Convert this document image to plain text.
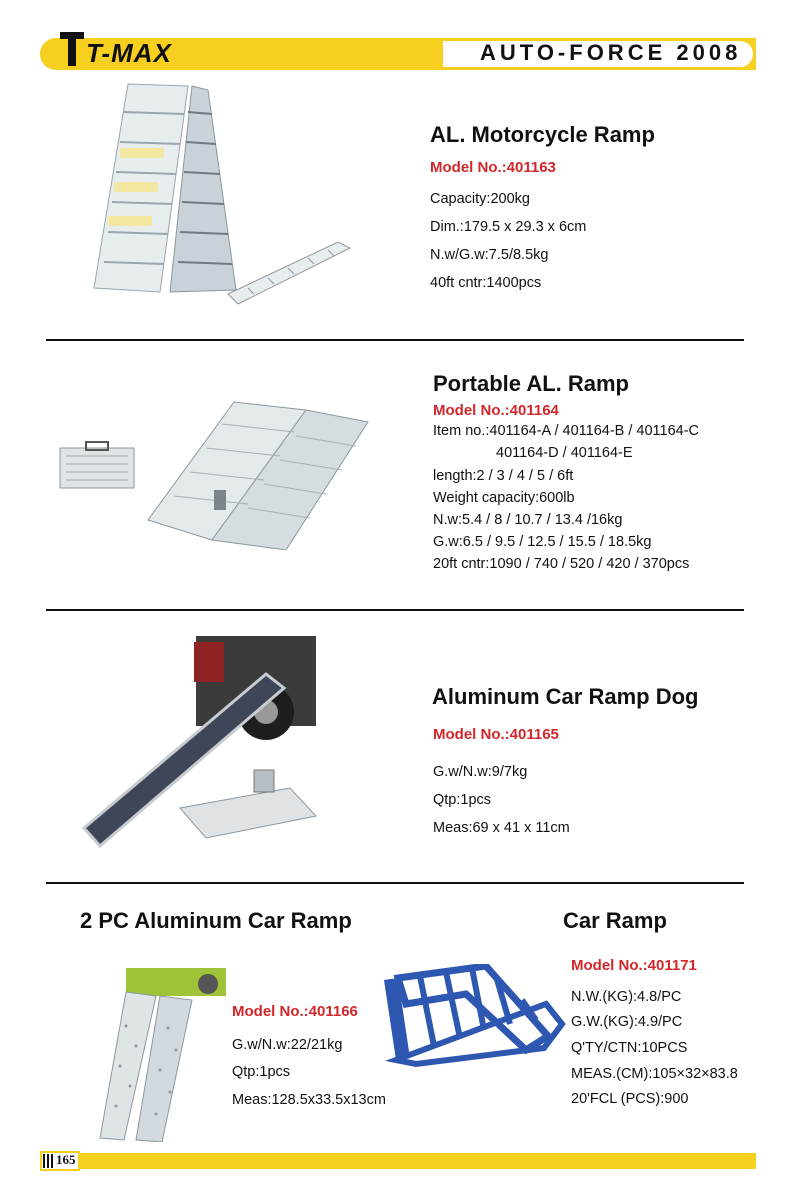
T-MAX	AUTO-FORCE 2008
AL. Motorcycle Ramp
Model No.:401163
Capacity:200kg
Dim.:179.5 x 29.3 x 6cm
N.w/G.w:7.5/8.5kg
40ft cntr:1400pcs
Portable AL. Ramp
Model No.:401164
Item no.:401164-A / 401164-B / 401164-C
401164-D / 401164-E
length:2 / 3 / 4 / 5 / 6ft
Weight capacity:600lb
N.w:5.4 / 8 / 10.7 / 13.4 /16kg
G.w:6.5 / 9.5 / 12.5 / 15.5 / 18.5kg
20ft cntr:1090 / 740 / 520 / 420 / 370pcs
Aluminum Car Ramp Dog
Model No.:401165
G.w/N.w:9/7kg
Qtp:1pcs
Meas:69 x 41 x 11cm
2 PC Aluminum Car Ramp
Model No.:401166
G.w/N.w:22/21kg
Qtp:1pcs
Meas:128.5x33.5x13cm
Car Ramp
Model No.:401171
N.W.(KG):4.8/PC
G.W.(KG):4.9/PC
Q'TY/CTN:10PCS
MEAS.(CM):105×32×83.8
20'FCL (PCS):900
165
